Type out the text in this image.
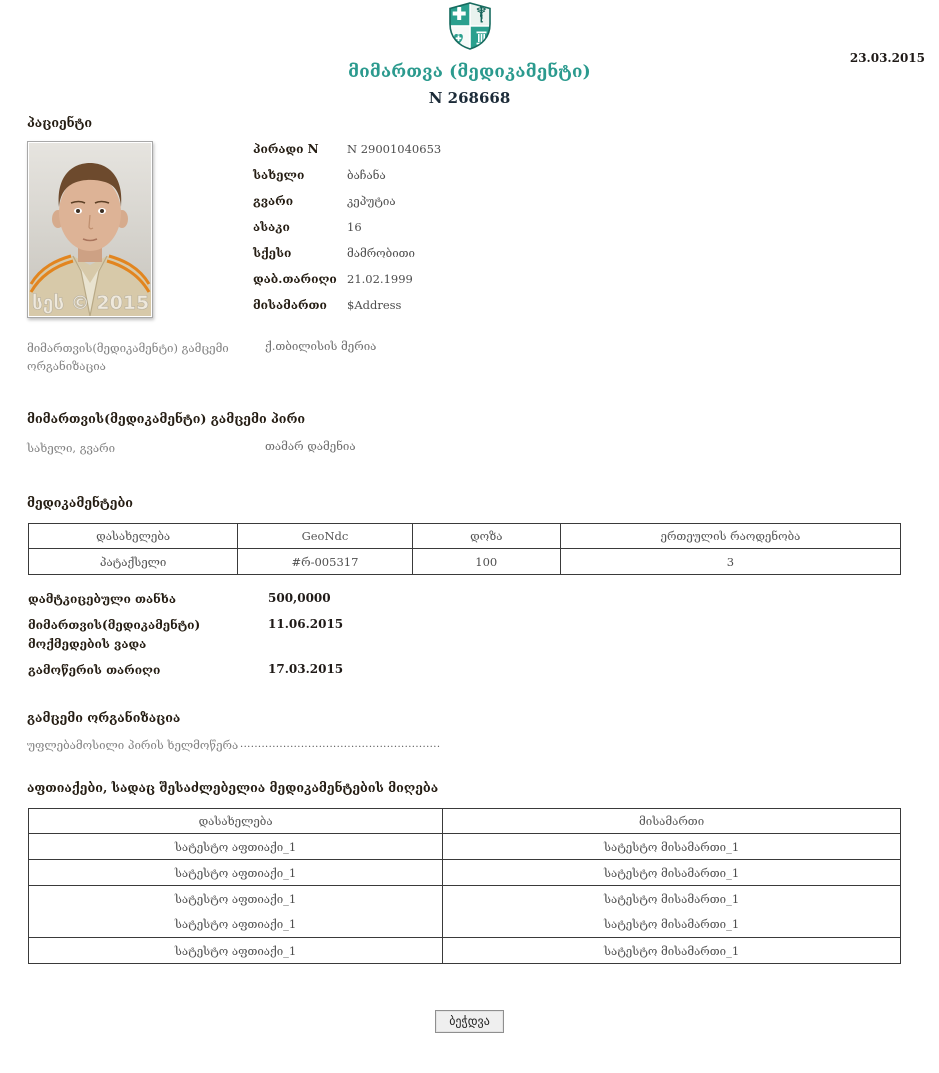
მიმართვა (მედიკამენტი)
N 268668
23.03.2015
პაციენტი
სეს © 2015
პირადი N	N 29001040653
სახელი	ბაჩანა
გვარი	კეპუტია
ასაკი	16
სქესი	მამრობითი
დაბ.თარიღი 21.02.1999
მისამართი	$Address
მიმართვის(მედიკამენტი) გამცემი ორგანიზაცია
ქ.თბილისის მერია
მიმართვის(მედიკამენტი) გამცემი პირი
სახელი, გვარი	თამარ დამენია
მედიკამენტები
დასახელება	GeoNdc	დოზა	ერთეულის რაოდენობა
პატაქსელი	#რ-005317	100	3
დამტკიცებული თანხა	500,0000
მიმართვის(მედიკამენტი) მოქმედების ვადა
11.06.2015
გამოწერის თარიღი	17.03.2015
გამცემი ორგანიზაცია
უფლებამოსილი პირის ხელმოწერა ........................................................
აფთიაქები, სადაც შესაძლებელია მედიკამენტების მიღება
დასახელება	მისამართი
სატესტო აფთიაქი_1	სატესტო მისამართი_1
სატესტო აფთიაქი_1	სატესტო მისამართი_1
სატესტო აფთიაქი_1	სატესტო მისამართი_1
სატესტო აფთიაქი_1	სატესტო მისამართი_1
სატესტო აფთიაქი_1	სატესტო მისამართი_1
ბეჭდვა
